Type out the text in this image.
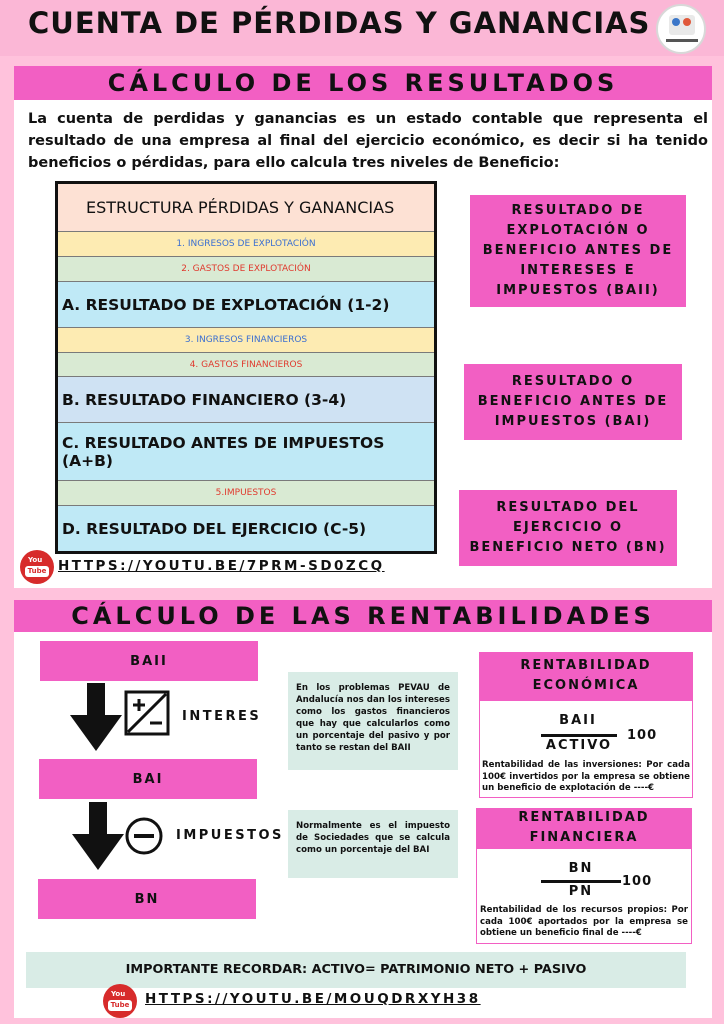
CUENTA DE PÉRDIDAS Y GANANCIAS
CÁLCULO DE LOS RESULTADOS
La cuenta de perdidas y ganancias es un estado contable que representa el resultado de una empresa al final del ejercicio económico, es decir si ha tenido beneficios o pérdidas, para ello calcula tres niveles de Beneficio:
ESTRUCTURA PÉRDIDAS Y GANANCIAS
1. INGRESOS DE EXPLOTACIÓN
2. GASTOS DE EXPLOTACIÓN
A. RESULTADO DE EXPLOTACIÓN (1-2)
3. INGRESOS FINANCIEROS
4. GASTOS FINANCIEROS
B. RESULTADO FINANCIERO (3-4)
C. RESULTADO ANTES DE IMPUESTOS (A+B)
5.IMPUESTOS
D. RESULTADO DEL EJERCICIO (C-5)
RESULTADO DE EXPLOTACIÓN O BENEFICIO ANTES DE INTERESES E IMPUESTOS (BAII)
RESULTADO O BENEFICIO ANTES DE IMPUESTOS (BAI)
RESULTADO DEL EJERCICIO O BENEFICIO NETO (BN)
You
Tube HTTPS://YOUTU.BE/7PRM-SD0ZCQ
CÁLCULO DE LAS RENTABILIDADES
BAII
INTERES
BAI
IMPUESTOS
BN
En los problemas PEVAU de Andalucía nos dan los intereses como los gastos financieros que hay que calcularlos como un porcentaje del pasivo y por tanto se restan del BAII
Normalmente es el impuesto de Sociedades que se calcula como un porcentaje del BAI
RENTABILIDAD ECONÓMICA
BAII
ACTIVO
100
Rentabilidad de las inversiones: Por cada 100€ invertidos por la empresa se obtiene un beneficio de explotación de ----€
RENTABILIDAD FINANCIERA
BN
PN
100
Rentabilidad de los recursos propios: Por cada 100€ aportados por la empresa se obtiene un beneficio final de ----€
IMPORTANTE RECORDAR: ACTIVO= PATRIMONIO NETO + PASIVO
You
Tube HTTPS://YOUTU.BE/MOUQDRXYH38
